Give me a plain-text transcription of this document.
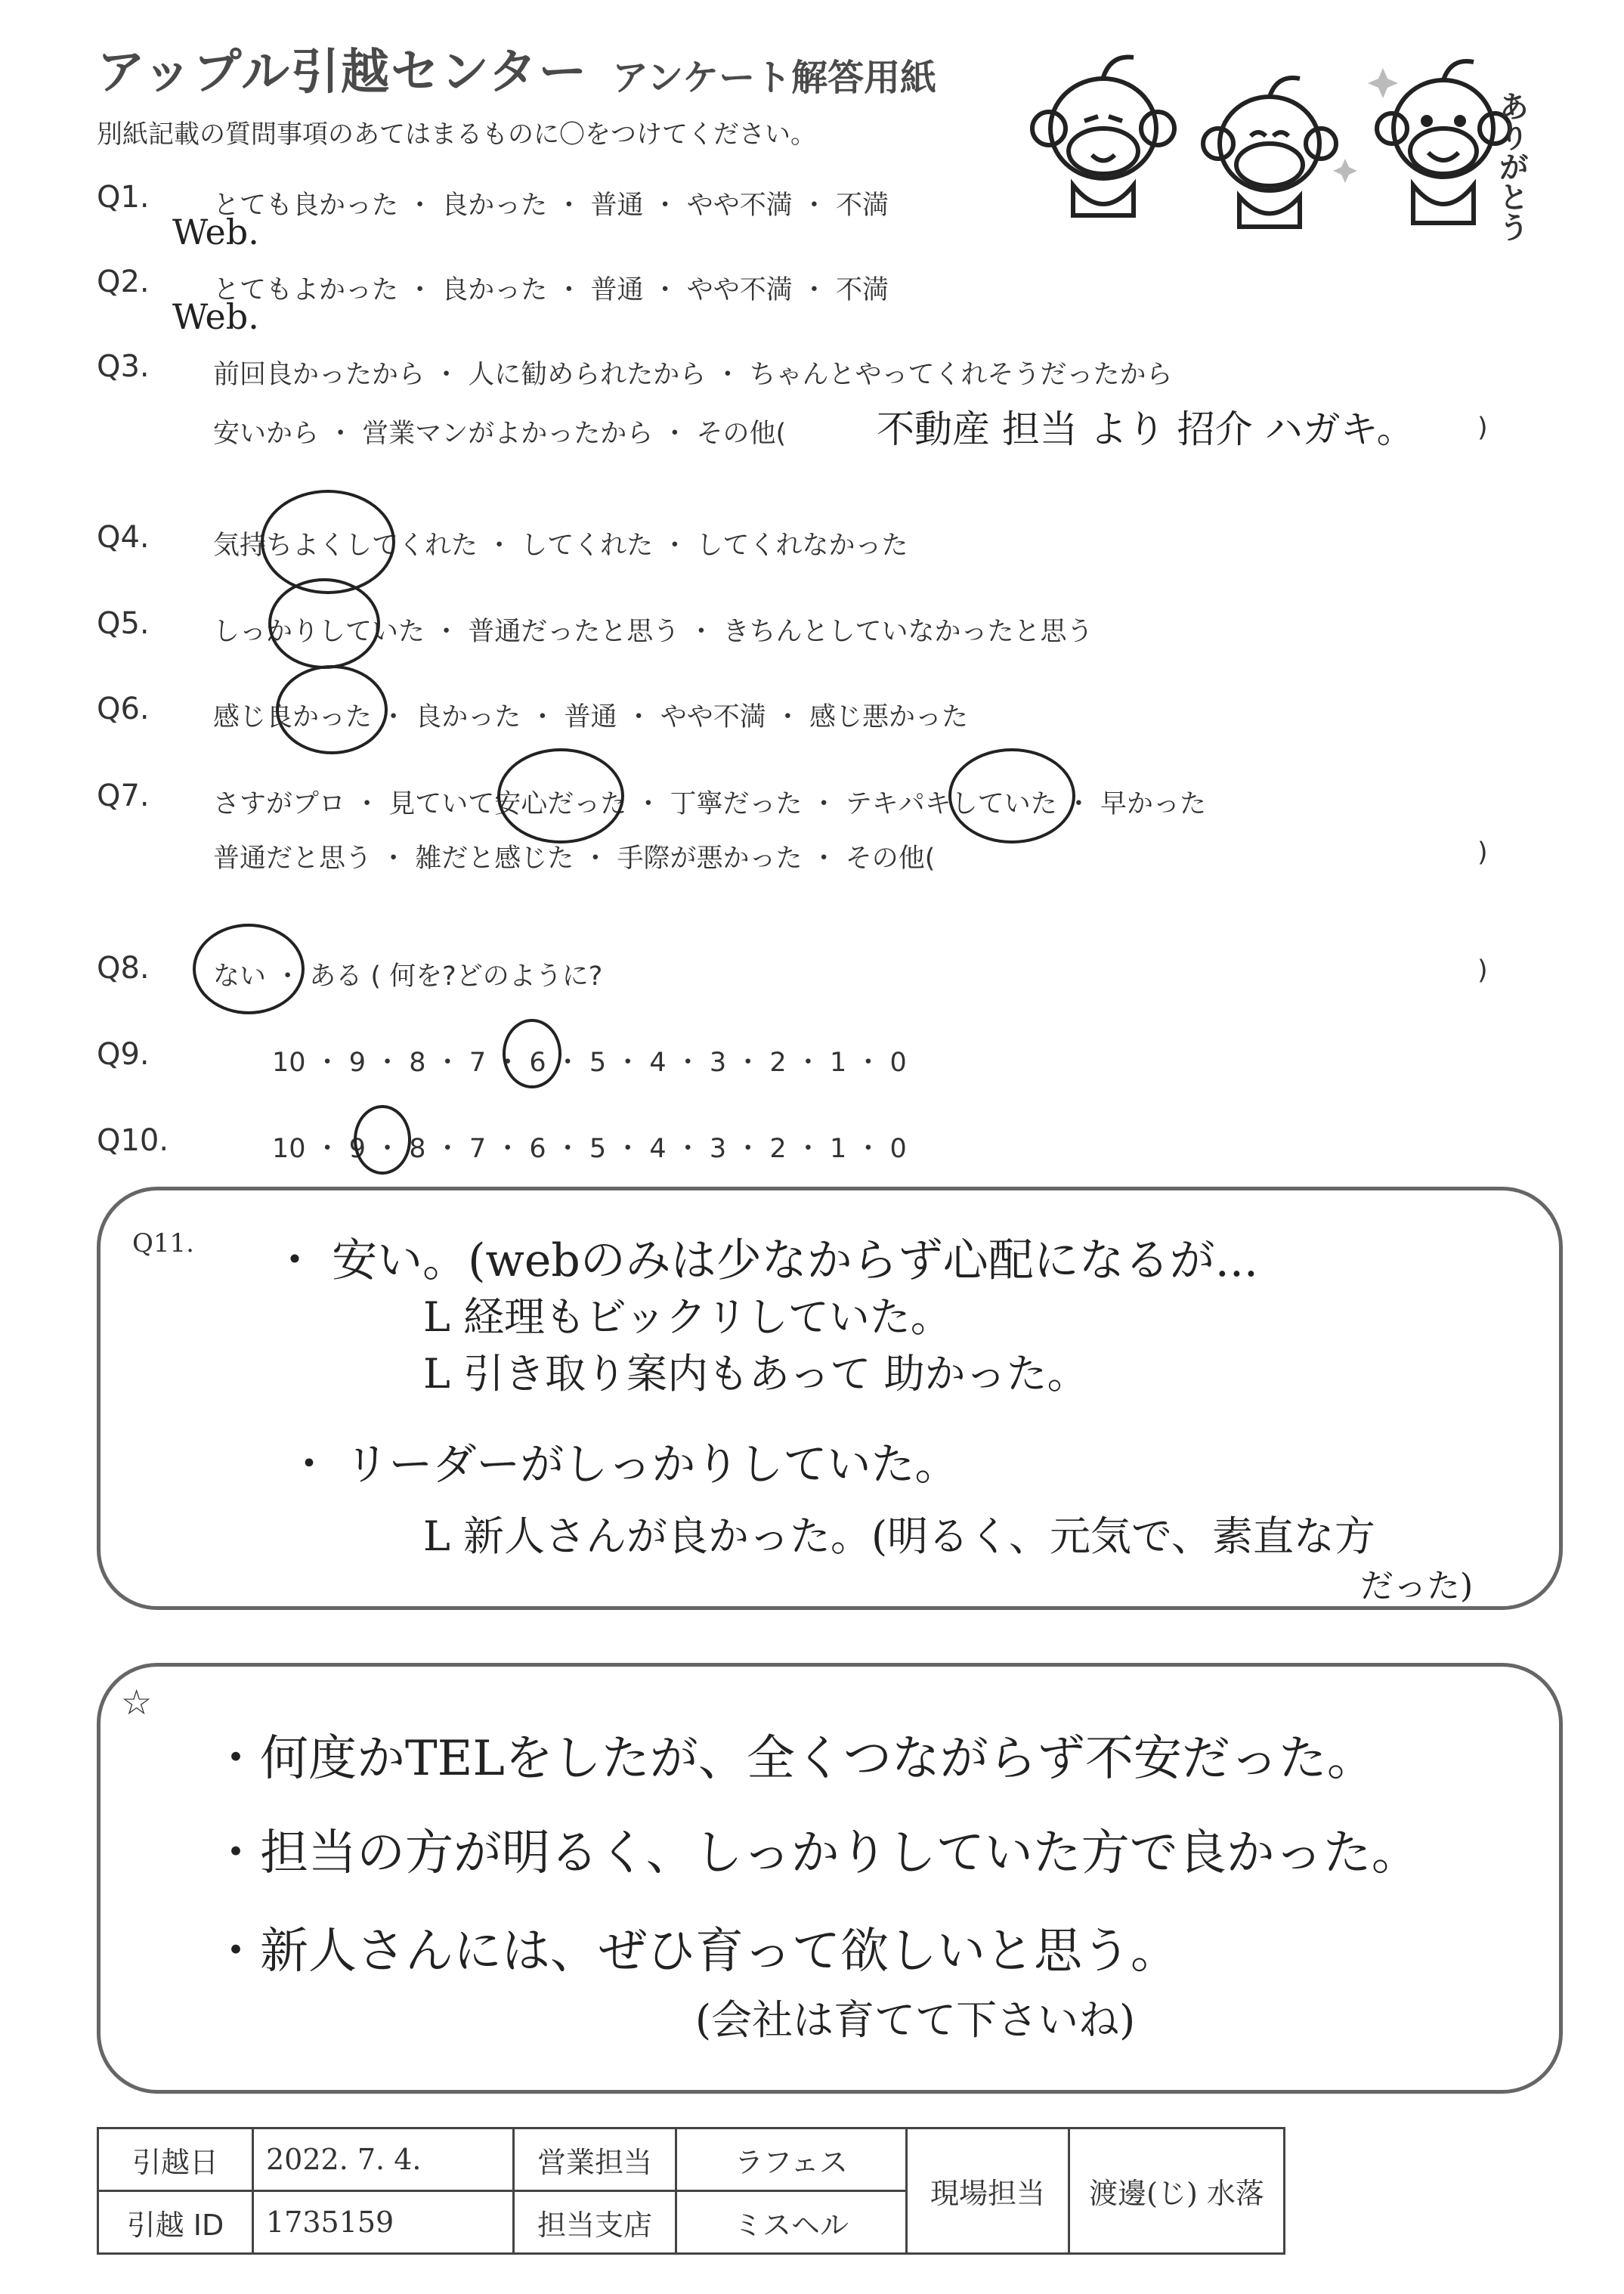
アップル引越センター アンケート解答用紙
別紙記載の質問事項のあてはまるものに〇をつけてください。	ありがとう
Q1. とても良かった ・ 良かった ・ 普通 ・ やや不満 ・ 不満
Web.
Q2. とてもよかった ・ 良かった ・ 普通 ・ やや不満 ・ 不満
Web.
Q3. 前回良かったから ・ 人に勧められたから ・ ちゃんとやってくれそうだったから
安いから ・ 営業マンがよかったから ・ その他( 不動産 担当 より 招介 ハガキ。 )
Q4. 気持ちよくしてくれた ・ してくれた ・ してくれなかった
Q5. しっかりしていた ・ 普通だったと思う ・ きちんとしていなかったと思う
Q6. 感じ良かった ・ 良かった ・ 普通 ・ やや不満 ・ 感じ悪かった
Q7. さすがプロ ・ 見ていて安心だった ・ 丁寧だった ・ テキパキしていた ・ 早かった
普通だと思う ・ 雑だと感じた ・ 手際が悪かった ・ その他(	)
Q8. ない ・ ある ( 何を?どのように?	)
Q9.	10 ・ 9 ・ 8 ・ 7 ・ 6 ・ 5 ・ 4 ・ 3 ・ 2 ・ 1 ・ 0
Q10.	10 ・ 9 ・ 8 ・ 7 ・ 6 ・ 5 ・ 4 ・ 3 ・ 2 ・ 1 ・ 0
Q11. ・ 安い。(webのみは少なからず心配になるが...
L 経理もビックリしていた。
L 引き取り案内もあって 助かった。
・ リーダーがしっかりしていた。
L 新人さんが良かった。(明るく、元気で、素直な方
だった)
☆
・何度かTELをしたが、全くつながらず不安だった。
・担当の方が明るく、しっかりしていた方で良かった。
・新人さんには、ぜひ育って欲しいと思う。
(会社は育てて下さいね)
引越日	2022. 7. 4.	営業担当	ラフェス	現場担当	渡邊(じ) 水落
引越 ID	1735159	担当支店	ミスヘル		
